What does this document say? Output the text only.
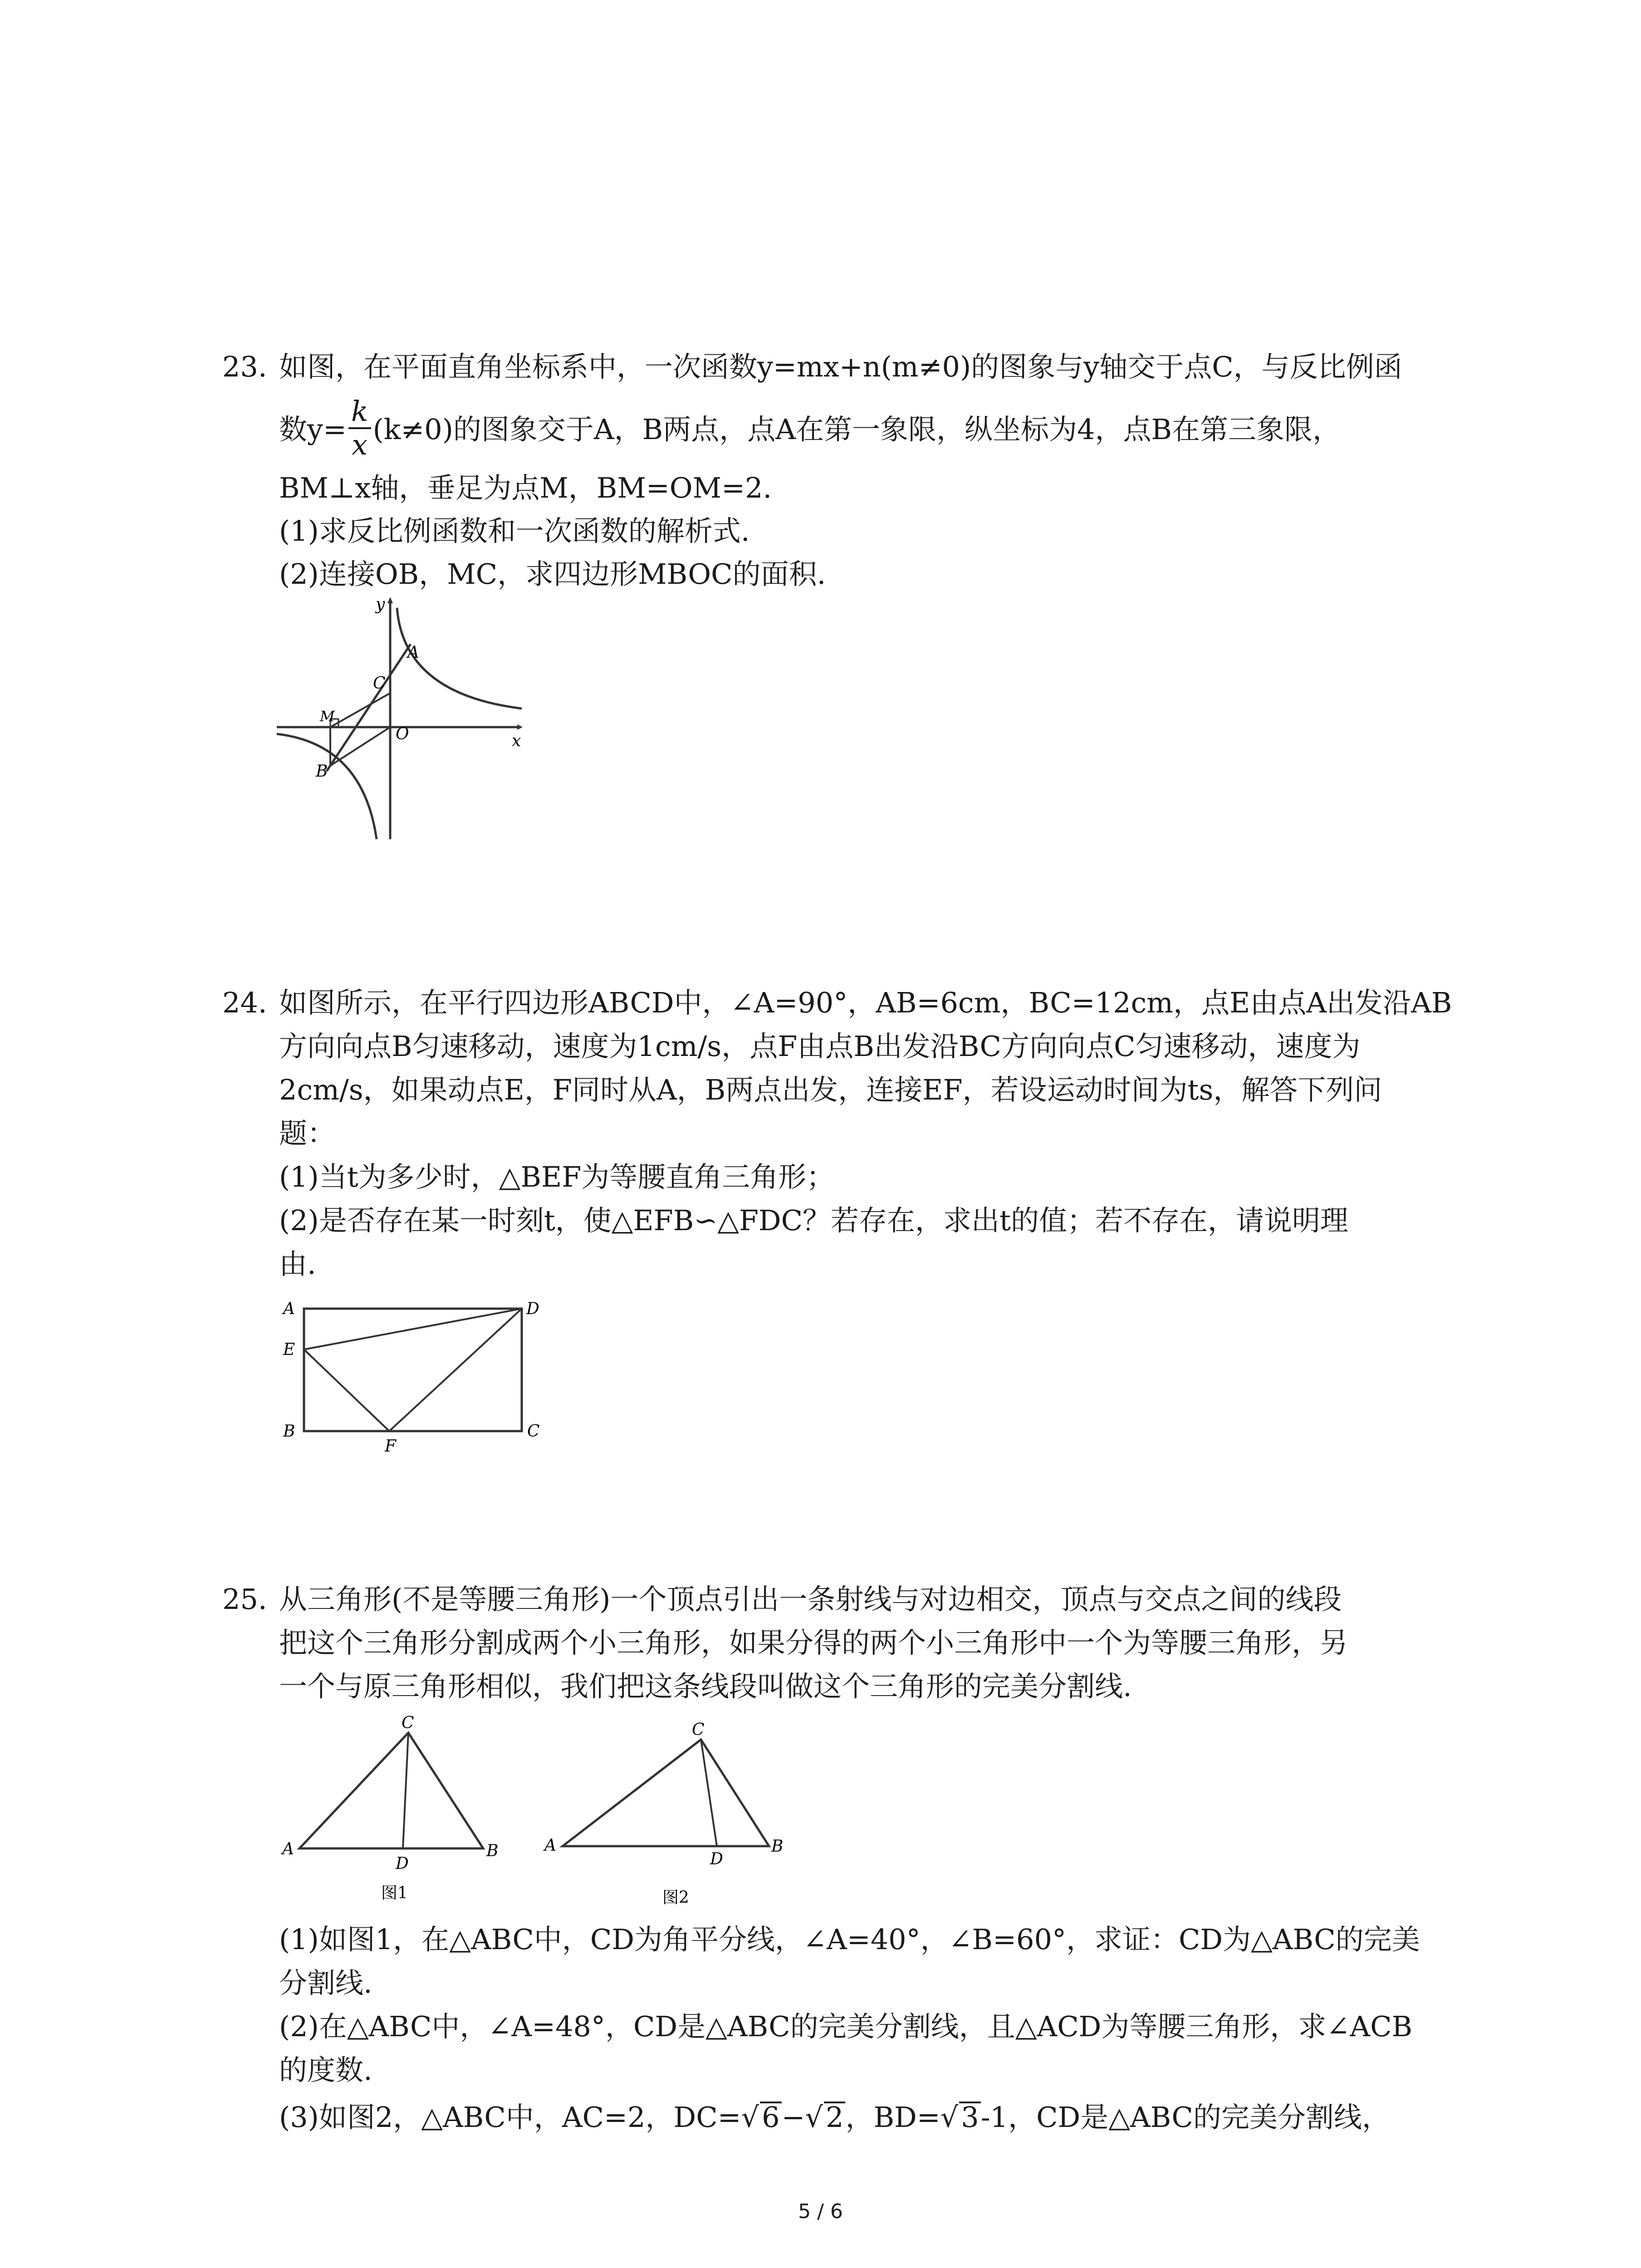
23. 如图，在平面直角坐标系中，一次函数y=mx+n(m≠0)的图象与y轴交于点C，与反比例函
数$y= \frac{k}{x} (k\ne 0)$的图象交于A，B两点，点A在第一象限，纵坐标为4，点B在第三象限，
BM⊥x轴，垂足为点M，BM=OM=2.
(1)求反比例函数和一次函数的解析式.
(2)连接OB，MC，求四边形MBOC的面积.
y
x
A
C
M
O
B
24. 如图所示，在平行四边形ABCD中，∠A=90°，AB=6cm，BC=12cm，点E由点A出发沿AB
方向向点B匀速移动，速度为1cm/s，点F由点B出发沿BC方向向点C匀速移动，速度为
2cm/s，如果动点E，F同时从A，B两点出发，连接EF，若设运动时间为ts，解答下列问
题：
(1)当t为多少时，△BEF为等腰直角三角形；
(2)是否存在某一时刻t，使△EFB∽△FDC？若存在，求出t的值；若不存在，请说明理
由.
A	D
E
B
F
C
25. 从三角形(不是等腰三角形)一个顶点引出一条射线与对边相交，顶点与交点之间的线段
把这个三角形分割成两个小三角形，如果分得的两个小三角形中一个为等腰三角形，另
一个与原三角形相似，我们把这条线段叫做这个三角形的完美分割线.
C
A
D
B
图1
C
A
D
B
图2
(1)如图1，在△ABC中，CD为角平分线，∠A=40°，∠B=60°，求证：CD为△ABC的完美
分割线.
(2)在△ABC中，∠A=48°，CD是△ABC的完美分割线，且△ACD为等腰三角形，求∠ACB
的度数.
(3)如图2，△ABC中，AC=2，DC=√6−√2，BD=√3-1，CD是△ABC的完美分割线，
5 / 6
